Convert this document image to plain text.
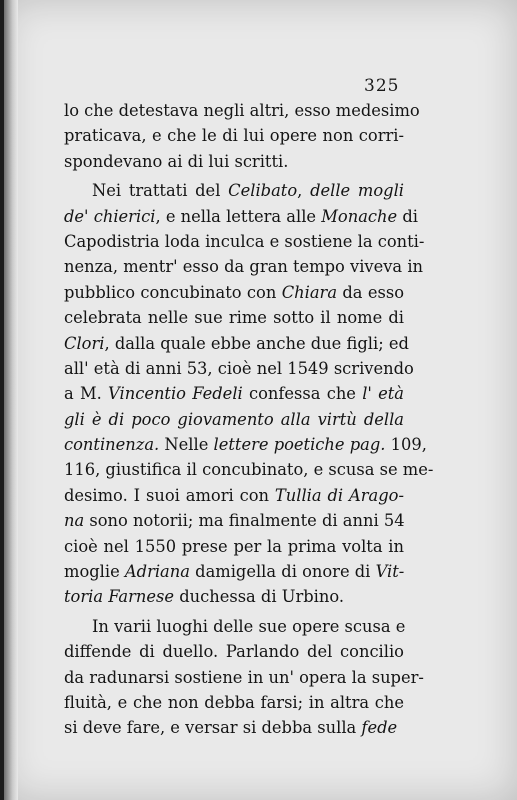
325
lo che detestava negli altri, esso medesimo
praticava, e che le di lui opere non corri-
spondevano ai di lui scritti.
Nei trattati del Celibato, delle mogli
de' chierici, e nella lettera alle Monache di
Capodistria loda inculca e sostiene la conti-
nenza, mentr' esso da gran tempo viveva in
pubblico concubinato con Chiara da esso
celebrata nelle sue rime sotto il nome di
Clori, dalla quale ebbe anche due figli; ed
all' età di anni 53, cioè nel 1549 scrivendo
a M. Vincentio Fedeli confessa che l' età
gli è di poco giovamento alla virtù della
continenza. Nelle lettere poetiche pag. 109,
116, giustifica il concubinato, e scusa se me-
desimo. I suoi amori con Tullia di Arago-
na sono notorii; ma finalmente di anni 54
cioè nel 1550 prese per la prima volta in
moglie Adriana damigella di onore di Vit-
toria Farnese duchessa di Urbino.
In varii luoghi delle sue opere scusa e
diffende di duello. Parlando del concilio
da radunarsi sostiene in un' opera la super-
fluità, e che non debba farsi; in altra che
si deve fare, e versar si debba sulla fede
